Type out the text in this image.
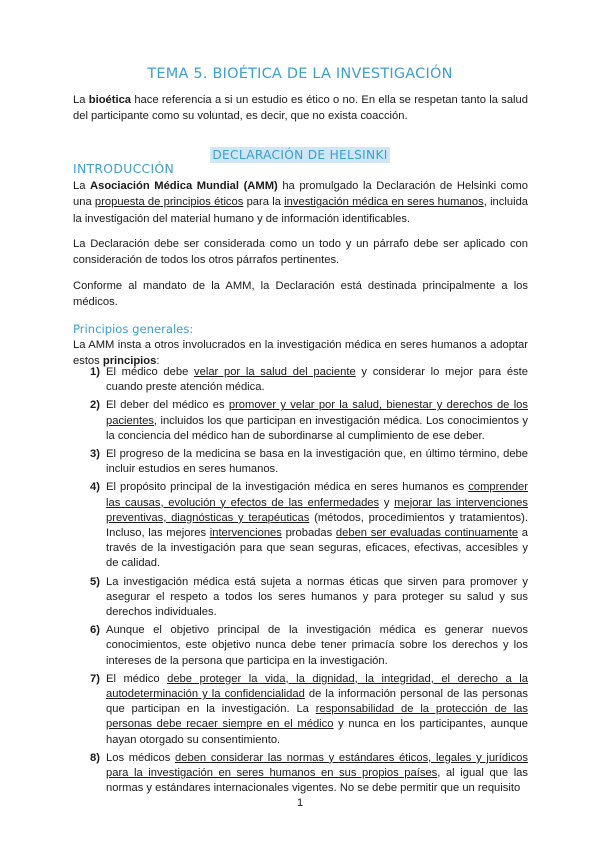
TEMA 5. BIOÉTICA DE LA INVESTIGACIÓN

La bioética hace referencia a si un estudio es ético o no. En ella se respetan tanto la salud del participante como su voluntad, es decir, que no exista coacción.

DECLARACIÓN DE HELSINKI
INTRODUCCIÓN

La Asociación Médica Mundial (AMM) ha promulgado la Declaración de Helsinki como una propuesta de principios éticos para la investigación médica en seres humanos, incluida la investigación del material humano y de información identificables.

La Declaración debe ser considerada como un todo y un párrafo debe ser aplicado con consideración de todos los otros párrafos pertinentes.

Conforme al mandato de la AMM, la Declaración está destinada principalmente a los médicos.

Principios generales:

La AMM insta a otros involucrados en la investigación médica en seres humanos a adoptar estos principios:

1) El médico debe velar por la salud del paciente y considerar lo mejor para éste cuando preste atención médica.
2) El deber del médico es promover y velar por la salud, bienestar y derechos de los pacientes, incluidos los que participan en investigación médica. Los conocimientos y la conciencia del médico han de subordinarse al cumplimiento de ese deber.
3) El progreso de la medicina se basa en la investigación que, en último término, debe incluir estudios en seres humanos.
4) El propósito principal de la investigación médica en seres humanos es comprender las causas, evolución y efectos de las enfermedades y mejorar las intervenciones preventivas, diagnósticas y terapéuticas (métodos, procedimientos y tratamientos). Incluso, las mejores intervenciones probadas deben ser evaluadas continuamente a través de la investigación para que sean seguras, eficaces, efectivas, accesibles y de calidad.
5) La investigación médica está sujeta a normas éticas que sirven para promover y asegurar el respeto a todos los seres humanos y para proteger su salud y sus derechos individuales.
6) Aunque el objetivo principal de la investigación médica es generar nuevos conocimientos, este objetivo nunca debe tener primacía sobre los derechos y los intereses de la persona que participa en la investigación.
7) El médico debe proteger la vida, la dignidad, la integridad, el derecho a la autodeterminación y la confidencialidad de la información personal de las personas que participan en la investigación. La responsabilidad de la protección de las personas debe recaer siempre en el médico y nunca en los participantes, aunque hayan otorgado su consentimiento.
8) Los médicos deben considerar las normas y estándares éticos, legales y jurídicos para la investigación en seres humanos en sus propios países, al igual que las normas y estándares internacionales vigentes. No se debe permitir que un requisito
1
